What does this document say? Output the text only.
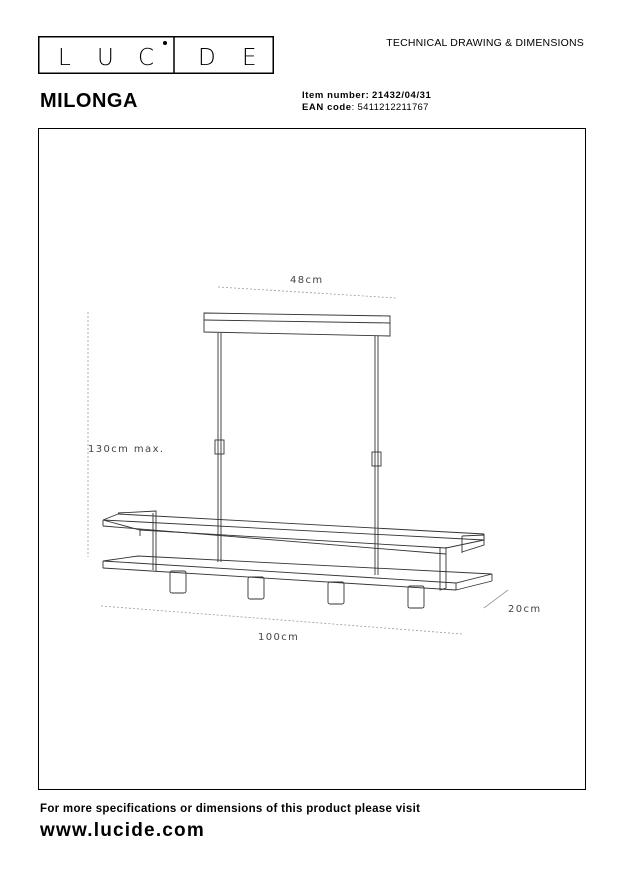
L U C I D E
TECHNICAL DRAWING & DIMENSIONS
MILONGA	Item number: 21432/04/31
EAN code: 5411212211767
48cm
130cm max.
20cm
100cm
For more specifications or dimensions of this product please visit
www.lucide.com
